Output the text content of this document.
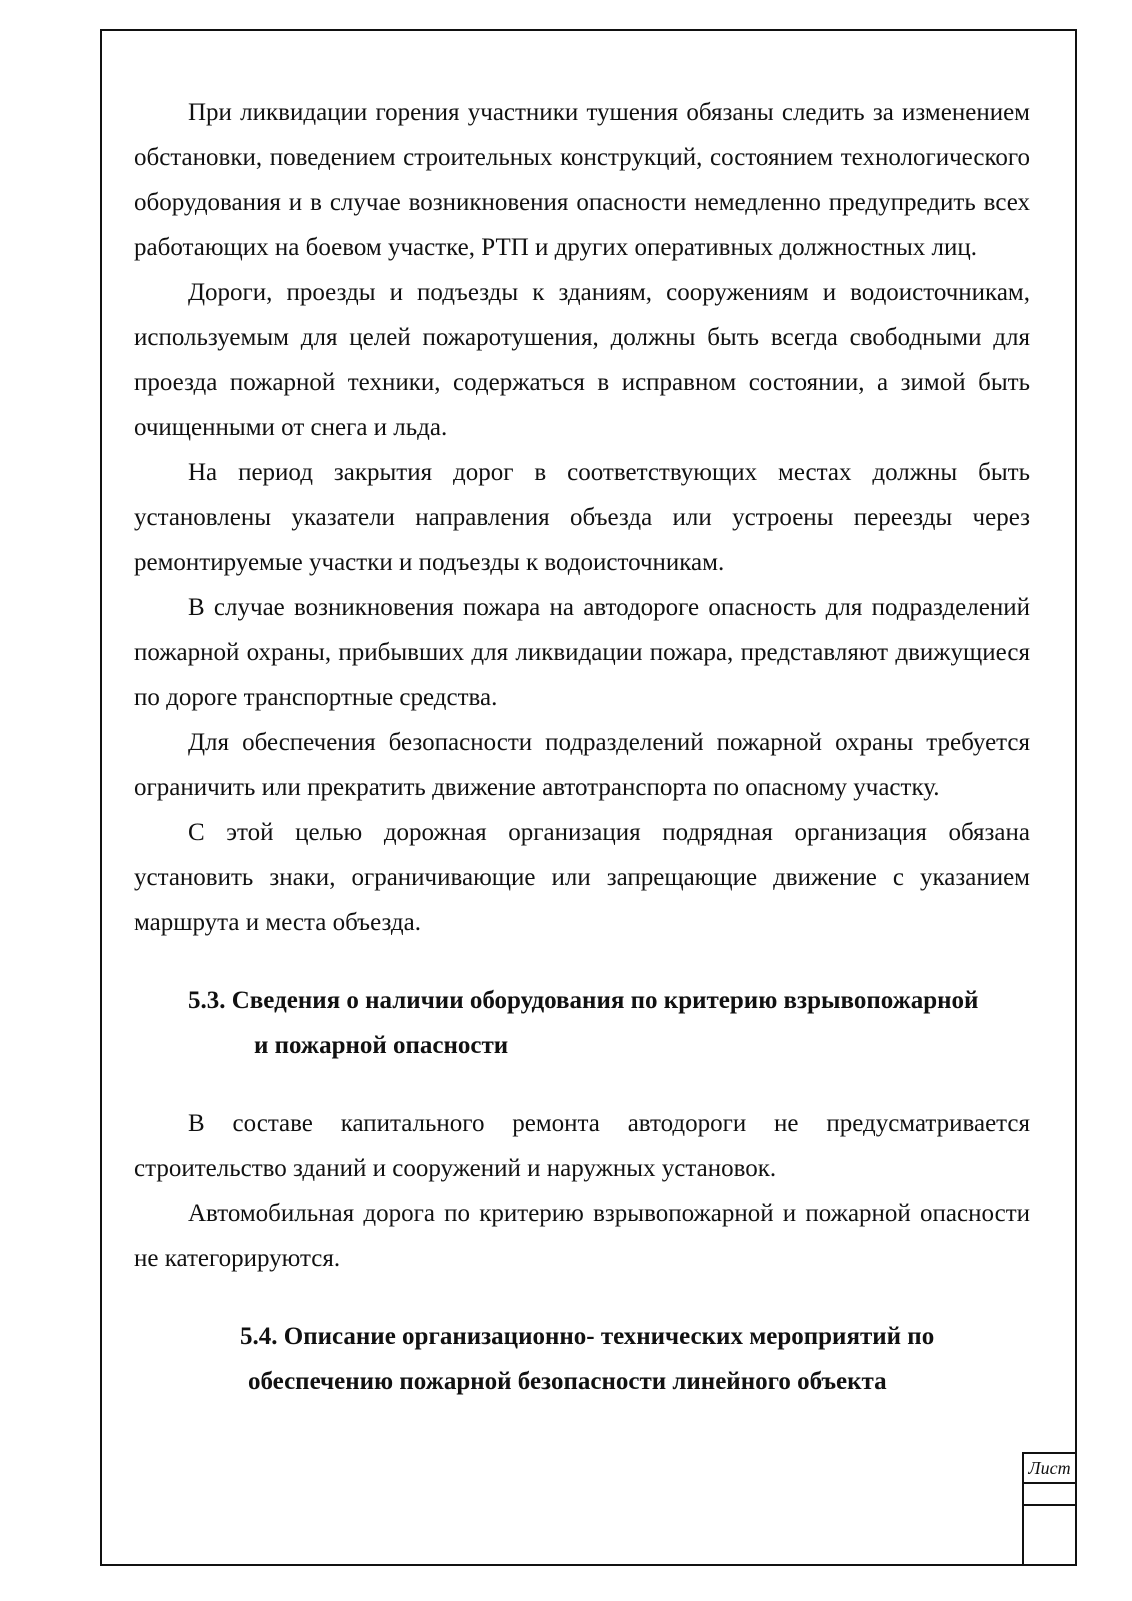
При ликвидации горения участники тушения обязаны следить за изменением обстановки, поведением строительных конструкций, состоянием технологического оборудования и в случае возникновения опасности немедленно предупредить всех работающих на боевом участке, РТП и других оперативных должностных лиц.

Дороги, проезды и подъезды к зданиям, сооружениям и водоисточникам, используемым для целей пожаротушения, должны быть всегда свободными для проезда пожарной техники, содержаться в исправном состоянии, а зимой быть очищенными от снега и льда.

На период закрытия дорог в соответствующих местах должны быть установлены указатели направления объезда или устроены переезды через ремонтируемые участки и подъезды к водоисточникам.

В случае возникновения пожара на автодороге опасность для подразделений пожарной охраны, прибывших для ликвидации пожара, представляют движущиеся по дороге транспортные средства.

Для обеспечения безопасности подразделений пожарной охраны требуется ограничить или прекратить движение автотранспорта по опасному участку.

С этой целью дорожная организация подрядная организация обязана установить знаки, ограничивающие или запрещающие движение с указанием маршрута и места объезда.

5.3. Сведения о наличии оборудования по критерию взрывопожарной
и пожарной опасности

В составе капитального ремонта автодороги не предусматривается строительство зданий и сооружений и наружных установок.

Автомобильная дорога по критерию взрывопожарной и пожарной опасности не категорируются.

5.4. Описание организационно- технических мероприятий по
обеспечению пожарной безопасности линейного объекта
Лист
